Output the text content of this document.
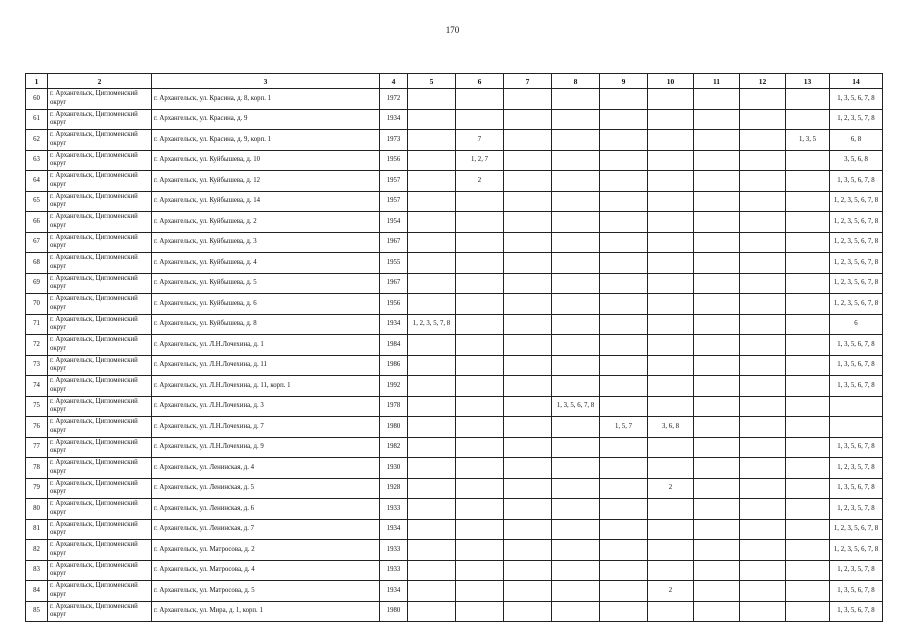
170
1	2	3	4	5	6	7	8	9	10	11	12	13	14
60	г. Архангельск, Цигломенский округ	г. Архангельск, ул. Красина, д. 8, корп. 1	1972										1, 3, 5, 6, 7, 8
61	г. Архангельск, Цигломенский округ	г. Архангельск, ул. Красина, д. 9	1934										1, 2, 3, 5, 7, 8
62	г. Архангельск, Цигломенский округ	г. Архангельск, ул. Красина, д. 9, корп. 1	1973		7							1, 3, 5	6, 8
63	г. Архангельск, Цигломенский округ	г. Архангельск, ул. Куйбышева, д. 10	1956		1, 2, 7								3, 5, 6, 8
64	г. Архангельск, Цигломенский округ	г. Архангельск, ул. Куйбышева, д. 12	1957		2								1, 3, 5, 6, 7, 8
65	г. Архангельск, Цигломенский округ	г. Архангельск, ул. Куйбышева, д. 14	1957										1, 2, 3, 5, 6, 7, 8
66	г. Архангельск, Цигломенский округ	г. Архангельск, ул. Куйбышева, д. 2	1954										1, 2, 3, 5, 6, 7, 8
67	г. Архангельск, Цигломенский округ	г. Архангельск, ул. Куйбышева, д. 3	1967										1, 2, 3, 5, 6, 7, 8
68	г. Архангельск, Цигломенский округ	г. Архангельск, ул. Куйбышева, д. 4	1955										1, 2, 3, 5, 6, 7, 8
69	г. Архангельск, Цигломенский округ	г. Архангельск, ул. Куйбышева, д. 5	1967										1, 2, 3, 5, 6, 7, 8
70	г. Архангельск, Цигломенский округ	г. Архангельск, ул. Куйбышева, д. 6	1956										1, 2, 3, 5, 6, 7, 8
71	г. Архангельск, Цигломенский округ	г. Архангельск, ул. Куйбышева, д. 8	1934	1, 2, 3, 5, 7, 8									6
72	г. Архангельск, Цигломенский округ	г. Архангельск, ул. Л.Н.Лочехина, д. 1	1984										1, 3, 5, 6, 7, 8
73	г. Архангельск, Цигломенский округ	г. Архангельск, ул. Л.Н.Лочехина, д. 11	1986										1, 3, 5, 6, 7, 8
74	г. Архангельск, Цигломенский округ	г. Архангельск, ул. Л.Н.Лочехина, д. 11, корп. 1	1992										1, 3, 5, 6, 7, 8
75	г. Архангельск, Цигломенский округ	г. Архангельск, ул. Л.Н.Лочехина, д. 3	1978				1, 3, 5, 6, 7, 8						
76	г. Архангельск, Цигломенский округ	г. Архангельск, ул. Л.Н.Лочехина, д. 7	1980					1, 5, 7	3, 6, 8				
77	г. Архангельск, Цигломенский округ	г. Архангельск, ул. Л.Н.Лочехина, д. 9	1982										1, 3, 5, 6, 7, 8
78	г. Архангельск, Цигломенский округ	г. Архангельск, ул. Ленинская, д. 4	1930										1, 2, 3, 5, 7, 8
79	г. Архангельск, Цигломенский округ	г. Архангельск, ул. Ленинская, д. 5	1928						2				1, 3, 5, 6, 7, 8
80	г. Архангельск, Цигломенский округ	г. Архангельск, ул. Ленинская, д. 6	1933										1, 2, 3, 5, 7, 8
81	г. Архангельск, Цигломенский округ	г. Архангельск, ул. Ленинская, д. 7	1934										1, 2, 3, 5, 6, 7, 8
82	г. Архангельск, Цигломенский округ	г. Архангельск, ул. Матросова, д. 2	1933										1, 2, 3, 5, 6, 7, 8
83	г. Архангельск, Цигломенский округ	г. Архангельск, ул. Матросова, д. 4	1933										1, 2, 3, 5, 7, 8
84	г. Архангельск, Цигломенский округ	г. Архангельск, ул. Матросова, д. 5	1934						2				1, 3, 5, 6, 7, 8
85	г. Архангельск, Цигломенский округ	г. Архангельск, ул. Мира, д. 1, корп. 1	1980										1, 3, 5, 6, 7, 8
